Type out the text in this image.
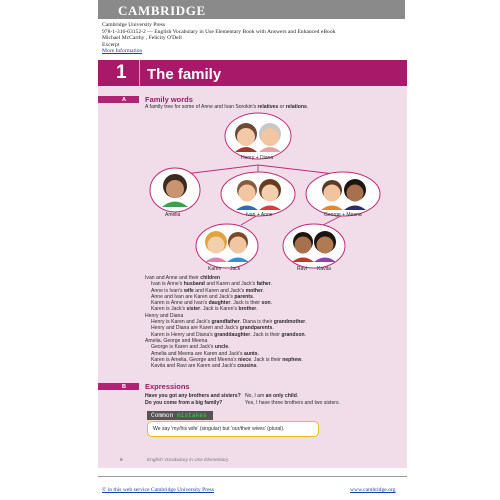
CAMBRIDGE
Cambridge University Press
978-1-316-63152-2 — English Vocabulary in Use Elementary Book with Answers and Enhanced eBook
Michael McCarthy , Felicity O'Dell
Excerpt
More Information
1 The family
A	Family words
A family tree for some of Anne and Ivan Sorokin's relatives or relations.
Henry + Diana
Amelia	Ivan + Anne	George + Meena
Karen Jack	Ravi Kavita
Ivan and Anne and their children
Ivan is Anne's husband and Karen and Jack's father.
Anne is Ivan's wife and Karen and Jack's mother.
Anne and Ivan are Karen and Jack's parents.
Karen is Anne and Ivan's daughter. Jack is their son.
Karen is Jack's sister. Jack is Karen's brother.
Henry and Diana
Henry is Karen and Jack's grandfather. Diana is their grandmother.
Henry and Diana are Karen and Jack's grandparents.
Karen is Henry and Diana's granddaughter. Jack is their grandson.
Amelia, George and Meena
George is Karen and Jack's uncle.
Amelia and Meena are Karen and Jack's aunts.
Karen is Amelia, George and Meena's niece. Jack is their nephew.
Kavita and Ravi are Karen and Jack's cousins.
B	Expressions
Have you got any brothers and sisters? No, I am an only child.
Do you come from a big family?	Yes, I have three brothers and two sisters.
Common mistakes
We say 'my/his wife' (singular) but 'our/their wives' (plural).
8	English Vocabulary in Use Elementary
© in this web service Cambridge University Press	www.cambridge.org
